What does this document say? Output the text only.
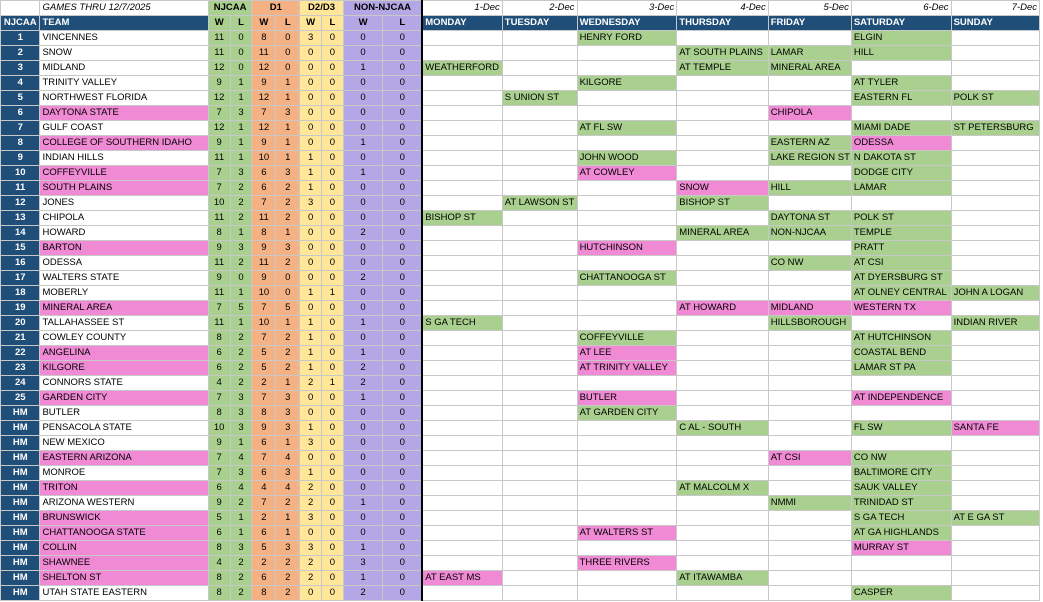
	GAMES THRU 12/7/2025	NJCAA		D1		D2/D3		NON-NJCAA		1-Dec	2-Dec	3-Dec	4-Dec	5-Dec	6-Dec	7-Dec
NJCAA	TEAM	W	L	W	L	W	L	W	L	MONDAY	TUESDAY	WEDNESDAY	THURSDAY	FRIDAY	SATURDAY	SUNDAY
1	VINCENNES	11	0	8	0	3	0	0	0			HENRY FORD			ELGIN	
2	SNOW	11	0	11	0	0	0	0	0				AT SOUTH PLAINS	LAMAR	HILL	
3	MIDLAND	12	0	12	0	0	0	1	0	WEATHERFORD			AT TEMPLE	MINERAL AREA		
4	TRINITY VALLEY	9	1	9	1	0	0	0	0			KILGORE			AT TYLER	
5	NORTHWEST FLORIDA	12	1	12	1	0	0	0	0		S UNION ST				EASTERN FL	POLK ST
6	DAYTONA STATE	7	3	7	3	0	0	0	0					CHIPOLA		
7	GULF COAST	12	1	12	1	0	0	0	0			AT FL SW			MIAMI DADE	ST PETERSBURG
8	COLLEGE OF SOUTHERN IDAHO	9	1	9	1	0	0	1	0					EASTERN AZ	ODESSA	
9	INDIAN HILLS	11	1	10	1	1	0	0	0			JOHN WOOD		LAKE REGION ST	N DAKOTA ST	
10	COFFEYVILLE	7	3	6	3	1	0	1	0			AT COWLEY			DODGE CITY	
11	SOUTH PLAINS	7	2	6	2	1	0	0	0				SNOW	HILL	LAMAR	
12	JONES	10	2	7	2	3	0	0	0		AT LAWSON ST		BISHOP ST			
13	CHIPOLA	11	2	11	2	0	0	0	0	BISHOP ST				DAYTONA ST	POLK ST	
14	HOWARD	8	1	8	1	0	0	2	0				MINERAL AREA	NON-NJCAA	TEMPLE	
15	BARTON	9	3	9	3	0	0	0	0			HUTCHINSON			PRATT	
16	ODESSA	11	2	11	2	0	0	0	0					CO NW	AT CSI	
17	WALTERS STATE	9	0	9	0	0	0	2	0			CHATTANOOGA ST			AT DYERSBURG ST	
18	MOBERLY	11	1	10	0	1	1	0	0						AT OLNEY CENTRAL	JOHN A LOGAN
19	MINERAL AREA	7	5	7	5	0	0	0	0				AT HOWARD	MIDLAND	WESTERN TX	
20	TALLAHASSEE ST	11	1	10	1	1	0	1	0	S GA TECH				HILLSBOROUGH		INDIAN RIVER
21	COWLEY COUNTY	8	2	7	2	1	0	0	0			COFFEYVILLE			AT HUTCHINSON	
22	ANGELINA	6	2	5	2	1	0	1	0			AT LEE			COASTAL BEND	
23	KILGORE	6	2	5	2	1	0	2	0			AT TRINITY VALLEY			LAMAR ST PA	
24	CONNORS STATE	4	2	2	1	2	1	2	0							
25	GARDEN CITY	7	3	7	3	0	0	1	0			BUTLER			AT INDEPENDENCE	
HM	BUTLER	8	3	8	3	0	0	0	0			AT GARDEN CITY				
HM	PENSACOLA STATE	10	3	9	3	1	0	0	0				C AL - SOUTH		FL SW	SANTA FE
HM	NEW MEXICO	9	1	6	1	3	0	0	0							
HM	EASTERN ARIZONA	7	4	7	4	0	0	0	0					AT CSI	CO NW	
HM	MONROE	7	3	6	3	1	0	0	0						BALTIMORE CITY	
HM	TRITON	6	4	4	4	2	0	0	0				AT MALCOLM X		SAUK VALLEY	
HM	ARIZONA WESTERN	9	2	7	2	2	0	1	0					NMMI	TRINIDAD ST	
HM	BRUNSWICK	5	1	2	1	3	0	0	0						S GA TECH	AT E GA ST
HM	CHATTANOOGA STATE	6	1	6	1	0	0	0	0			AT WALTERS ST			AT GA HIGHLANDS	
HM	COLLIN	8	3	5	3	3	0	1	0						MURRAY ST	
HM	SHAWNEE	4	2	2	2	2	0	3	0			THREE RIVERS				
HM	SHELTON ST	8	2	6	2	2	0	1	0	AT EAST MS			AT ITAWAMBA			
HM	UTAH STATE EASTERN	8	2	8	2	0	0	2	0						CASPER	
